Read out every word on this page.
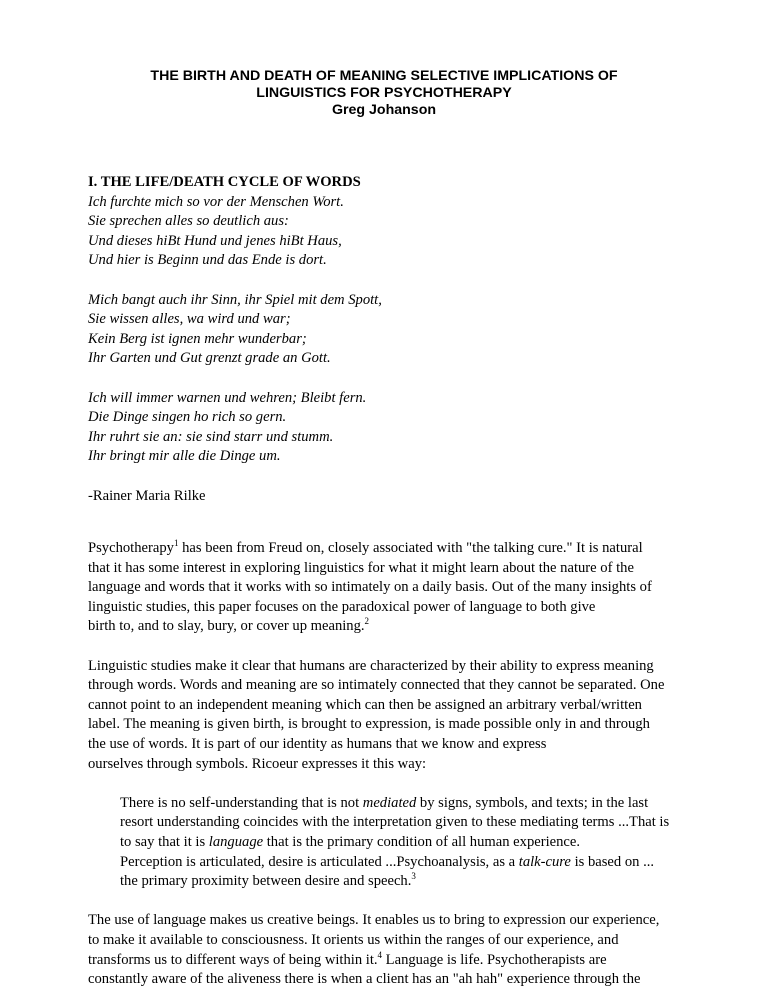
THE BIRTH AND DEATH OF MEANING SELECTIVE IMPLICATIONS OF
LINGUISTICS FOR PSYCHOTHERAPY
Greg Johanson
I. THE LIFE/DEATH CYCLE OF WORDS
Ich furchte mich so vor der Menschen Wort.
Sie sprechen alles so deutlich aus:
Und dieses hiBt Hund und jenes hiBt Haus,
Und hier is Beginn und das Ende is dort.
Mich bangt auch ihr Sinn, ihr Spiel mit dem Spott,
Sie wissen alles, wa wird und war;
Kein Berg ist ignen mehr wunderbar;
Ihr Garten und Gut grenzt grade an Gott.
Ich will immer warnen und wehren; Bleibt fern.
Die Dinge singen ho rich so gern.
Ihr ruhrt sie an: sie sind starr und stumm.
Ihr bringt mir alle die Dinge um.
-Rainer Maria Rilke

Psychotherapy$^1$ has been from Freud on, closely associated with "the talking cure." It is natural
that it has some interest in exploring linguistics for what it might learn about the nature of the
language and words that it works with so intimately on a daily basis. Out of the many insights of
linguistic studies, this paper focuses on the paradoxical power of language to both give
birth to, and to slay, bury, or cover up meaning.$^2$

Linguistic studies make it clear that humans are characterized by their ability to express meaning
through words. Words and meaning are so intimately connected that they cannot be separated. One
cannot point to an independent meaning which can then be assigned an arbitrary verbal/written
label. The meaning is given birth, is brought to expression, is made possible only in and through
the use of words. It is part of our identity as humans that we know and express
ourselves through symbols. Ricoeur expresses it this way:

There is no self-understanding that is not mediated by signs, symbols, and texts; in the last
resort understanding coincides with the interpretation given to these mediating terms ...That is
to say that it is language that is the primary condition of all human experience.
Perception is articulated, desire is articulated ...Psychoanalysis, as a talk-cure is based on ...
the primary proximity between desire and speech.$^3$

The use of language makes us creative beings. It enables us to bring to expression our experience,
to make it available to consciousness. It orients us within the ranges of our experience, and
transforms us to different ways of being within it.$^4$ Language is life. Psychotherapists are
constantly aware of the aliveness there is when a client has an "ah hah" experience through the
